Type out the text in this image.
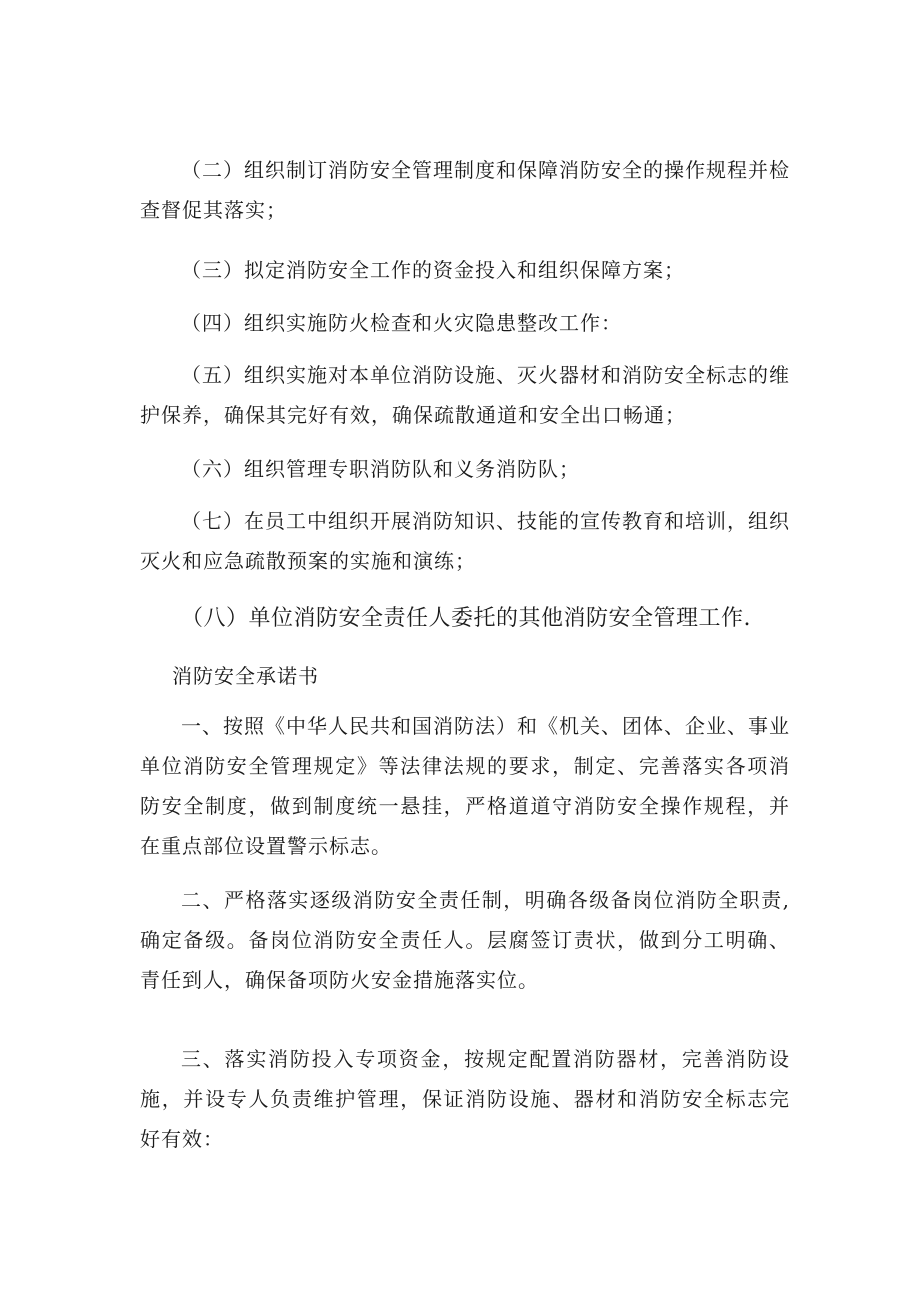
（二）组织制订消防安全管理制度和保障消防安全的操作规程并检查督促其落实；

（三）拟定消防安全工作的资金投入和组织保障方案；

（四）组织实施防火检查和火灾隐患整改工作：

（五）组织实施对本单位消防设施、灭火器材和消防安全标志的维护保养，确保其完好有效，确保疏散通道和安全出口畅通；

（六）组织管理专职消防队和义务消防队；

（七）在员工中组织开展消防知识、技能的宣传教育和培训，组织灭火和应急疏散预案的实施和演练；

（八）单位消防安全责任人委托的其他消防安全管理工作.

消防安全承诺书

一、按照《中华人民共和国消防法）和《机关、团体、企业、事业单位消防安全管理规定》等法律法规的要求，制定、完善落实各项消防安全制度，做到制度统一悬挂，严格道道守消防安全操作规程，并在重点部位设置警示标志。

二、严格落实逐级消防安全责任制，明确各级备岗位消防全职责,确定备级。备岗位消防安全责任人。层腐签订责状，做到分工明确、青任到人，确保备项防火安金措施落实位。

三、落实消防投入专项资金，按规定配置消防器材，完善消防设施，并设专人负责维护管理，保证消防设施、器材和消防安全标志完好有效：
